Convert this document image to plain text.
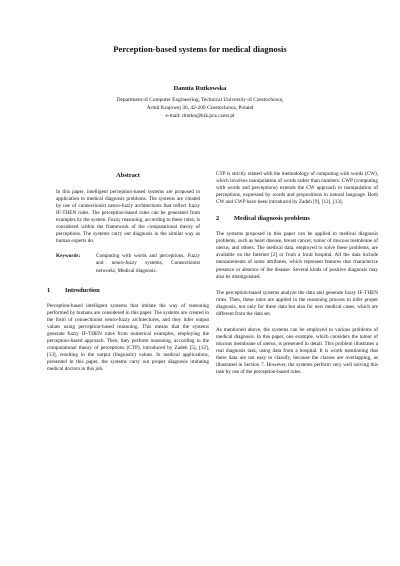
Perception-based systems for medical diagnosis
Danuta Rutkowska
Department of Computer Engineering, Technical University of Czestochowa,
Armii Krajowej 36, 42-200 Czestochowa, Poland
e-mail: drutko@kik.pcz.czest.pl
Abstract

In this paper, intelligent perception-based systems are proposed in application to medical diagnosis problems. The systems are created by use of connectionist neuro-fuzzy architectures that reflect fuzzy IF-THEN rules. The perception-based rules can be generated from examples by the system. Fuzzy reasoning, according to these rules, is considered within the framework of the computational theory of perceptions. The systems carry out diagnosis in the similar way as human experts do.

Keywords:	Computing with words and perceptions, Fuzzy and neuro-fuzzy systems, Connectionist networks, Medical diagnosis.
1 Introduction

Perception-based intelligent systems that imitate the way of reasoning performed by humans are considered in this paper. The systems are created in the form of connectionist neuro-fuzzy architectures, and they infer output values using perception-based reasoning. This means that the systems generate fuzzy IF-THEN rules from numerical examples, employing the perception-based approach. Then, they perform reasoning, according to the computational theory of perceptions (CTP), introduced by Zadeh [5], [12], [13], resulting in the output (linguistic) values. In medical applications, presented in this paper, the systems carry out proper diagnosis imitating medical doctors in this job.

CTP is strictly related with the methodology of computing with words (CW), which involves manipulation of words rather than numbers. CWP (computing with words and perceptions) extends the CW approach to manipulation of perceptions, expressed by words and propositions in natural language. Both CW and CWP have been introduced by Zadeh [9], [12], [13].

2 Medical diagnosis problems

The systems proposed in this paper can be applied to medical diagnosis problems, such as heart disease, breast cancer, tumor of mucous membrane of uterus, and others. The medical data, employed to solve these problems, are available on the Internet [2] or from a local hospital. All the data include measurements of some attributes, which represent features that characterize presence or absence of the disease. Several kinds of positive diagnosis may also be distinguished.

The perception-based systems analyze the data and generate fuzzy IF-THEN rules. Then, these rules are applied in the reasoning process to infer proper diagnosis, not only for these data but also for new medical cases, which are different from the data set.

As mentioned above, the systems can be employed to various problems of medical diagnosis. In this paper, one example, which considers the tumor of mucous membrane of uterus, is presented in detail. This problem illustrates a real diagnosis task, using data from a hospital. It is worth mentioning that these data are not easy to classify, because the classes are overlapping, as illustrated in Section 7. However, the systems perform very well solving this task by use of the perception-based rules.
